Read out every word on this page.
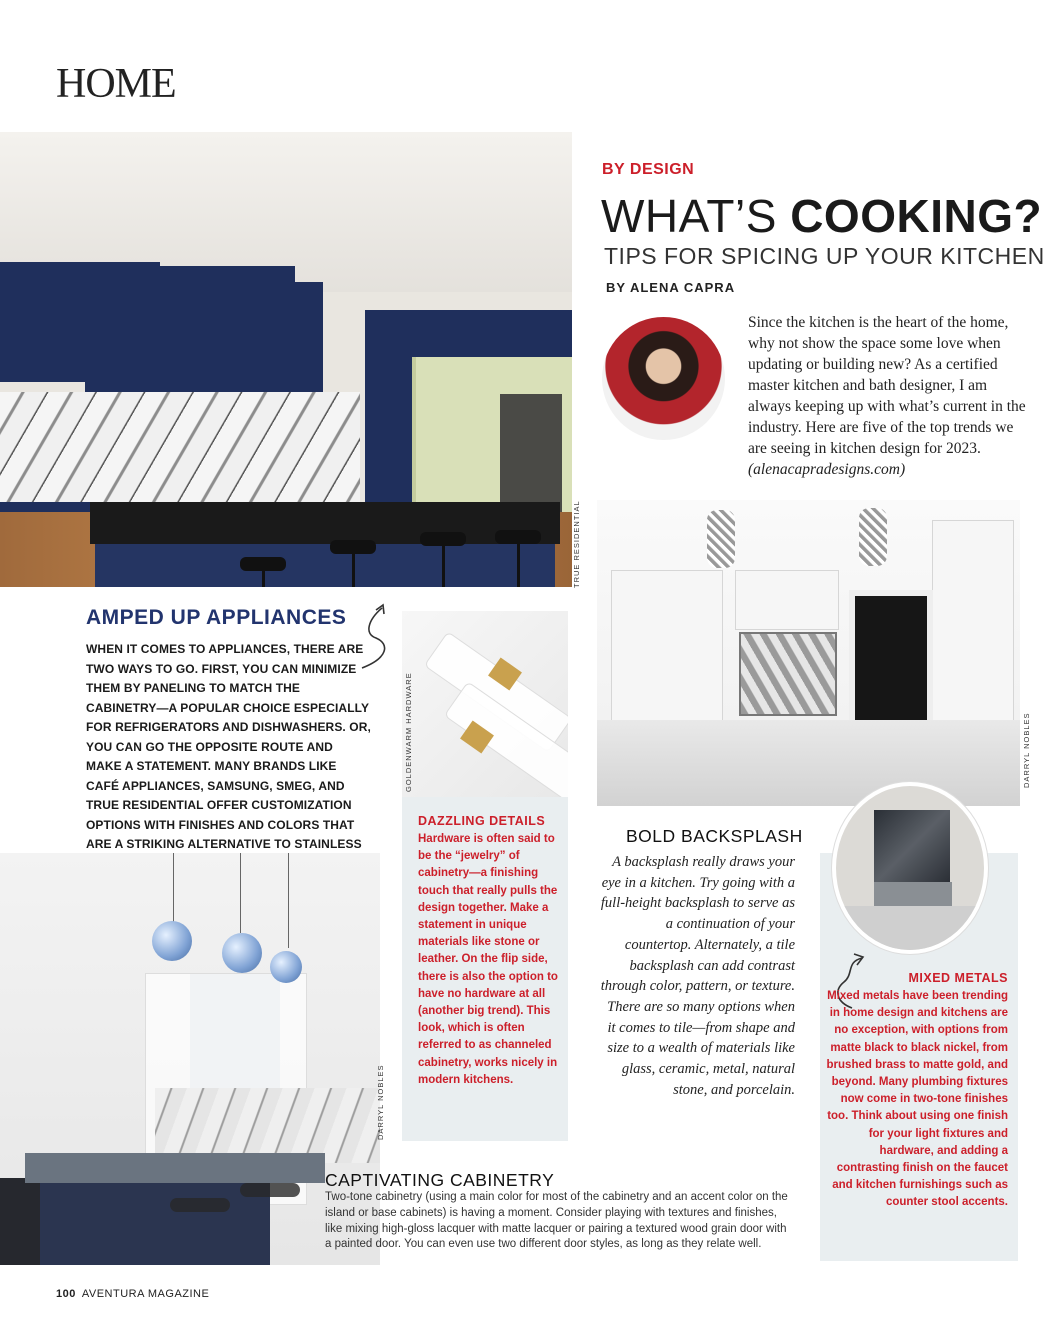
HOME
TRUE RESIDENTIAL
BY DESIGN
WHAT’S COOKING?
TIPS FOR SPICING UP YOUR KITCHEN
BY ALENA CAPRA
Since the kitchen is the heart of the home, why not show the space some love when updating or building new? As a certified master kitchen and bath designer, I am always keeping up with what’s current in the industry. Here are five of the top trends we are seeing in kitchen design for 2023. (alenacapradesigns.com)
AMPED UP APPLIANCES
WHEN IT COMES TO APPLIANCES, THERE ARE TWO WAYS TO GO. FIRST, YOU CAN MINIMIZE THEM BY PANELING TO MATCH THE CABINETRY—A POPULAR CHOICE ESPECIALLY FOR REFRIGERATORS AND DISHWASHERS. OR, YOU CAN GO THE OPPOSITE ROUTE AND MAKE A STATEMENT. MANY BRANDS LIKE CAFÉ APPLIANCES, SAMSUNG, SMEG, AND TRUE RESIDENTIAL OFFER CUSTOMIZATION OPTIONS WITH FINISHES AND COLORS THAT ARE A STRIKING ALTERNATIVE TO STAINLESS
GOLDENWARM HARDWARE
DAZZLING DETAILS
Hardware is often said to be the “jewelry” of cabinetry—a finishing touch that really pulls the design together. Make a statement in unique materials like stone or leather. On the flip side, there is also the option to have no hardware at all (another big trend). This look, which is often referred to as channeled cabinetry, works nicely in modern kitchens.
DARRYL NOBLES
BOLD BACKSPLASH
A backsplash really draws your eye in a kitchen. Try going with a full-height backsplash to serve as a continuation of your countertop. Alternately, a tile backsplash can add contrast through color, pattern, or texture. There are so many options when it comes to tile—from shape and size to a wealth of materials like glass, ceramic, metal, natural stone, and porcelain.
MIXED METALS
Mixed metals have been trending in home design and kitchens are no exception, with options from matte black to black nickel, from brushed brass to matte gold, and beyond. Many plumbing fixtures now come in two-tone finishes too. Think about using one finish for your light fixtures and hardware, and adding a contrasting finish on the faucet and kitchen furnishings such as counter stool accents.
DARRYL NOBLES
CAPTIVATING CABINETRY
Two-tone cabinetry (using a main color for most of the cabinetry and an accent color on the island or base cabinets) is having a moment. Consider playing with textures and finishes, like mixing high-gloss lacquer with matte lacquer or pairing a textured wood grain door with a painted door. You can even use two different door styles, as long as they relate well.
100 AVENTURA MAGAZINE
